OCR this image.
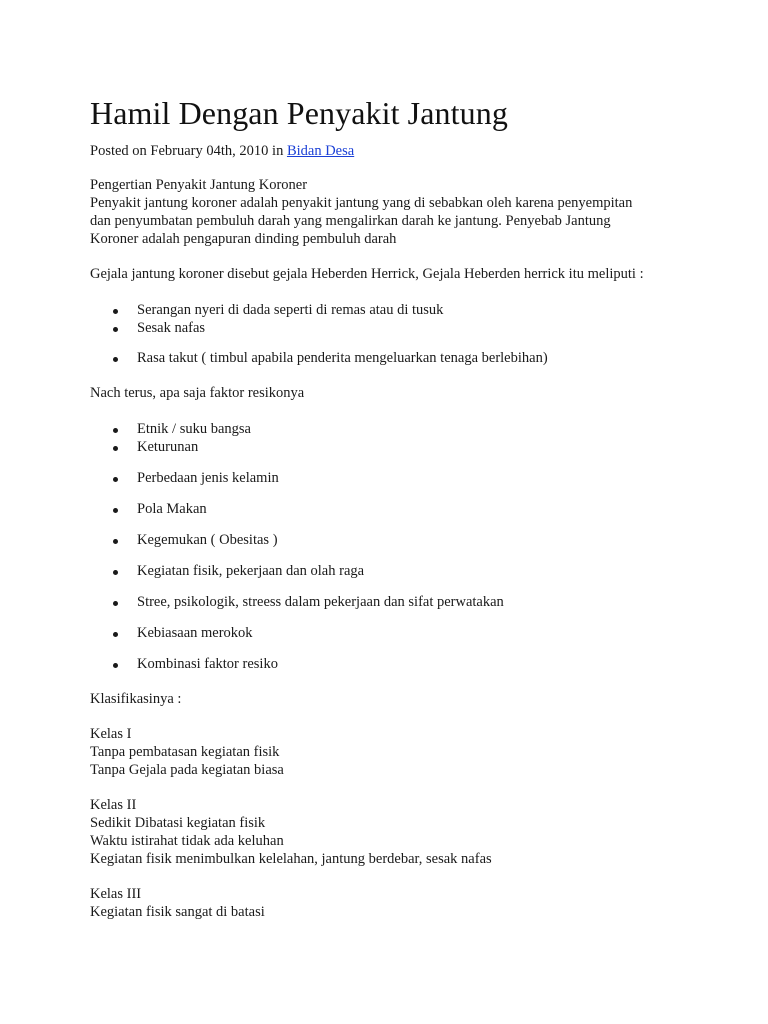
Hamil Dengan Penyakit Jantung
Posted on February 04th, 2010 in Bidan Desa

Pengertian Penyakit Jantung Koroner

Penyakit jantung koroner adalah penyakit jantung yang di sebabkan oleh karena penyempitan

dan penyumbatan pembuluh darah yang mengalirkan darah ke jantung. Penyebab Jantung

Koroner adalah pengapuran dinding pembuluh darah

Gejala jantung koroner disebut gejala Heberden Herrick, Gejala Heberden herrick itu meliputi :

Serangan nyeri di dada seperti di remas atau di tusuk
Sesak nafas
Rasa takut ( timbul apabila penderita mengeluarkan tenaga berlebihan)

Nach terus, apa saja faktor resikonya

Etnik / suku bangsa
Keturunan
Perbedaan jenis kelamin
Pola Makan
Kegemukan ( Obesitas )
Kegiatan fisik, pekerjaan dan olah raga
Stree, psikologik, streess dalam pekerjaan dan sifat perwatakan
Kebiasaan merokok
Kombinasi faktor resiko

Klasifikasinya :

Kelas I

Tanpa pembatasan kegiatan fisik

Tanpa Gejala pada kegiatan biasa

Kelas II

Sedikit Dibatasi kegiatan fisik

Waktu istirahat tidak ada keluhan

Kegiatan fisik menimbulkan kelelahan, jantung berdebar, sesak nafas

Kelas III

Kegiatan fisik sangat di batasi
